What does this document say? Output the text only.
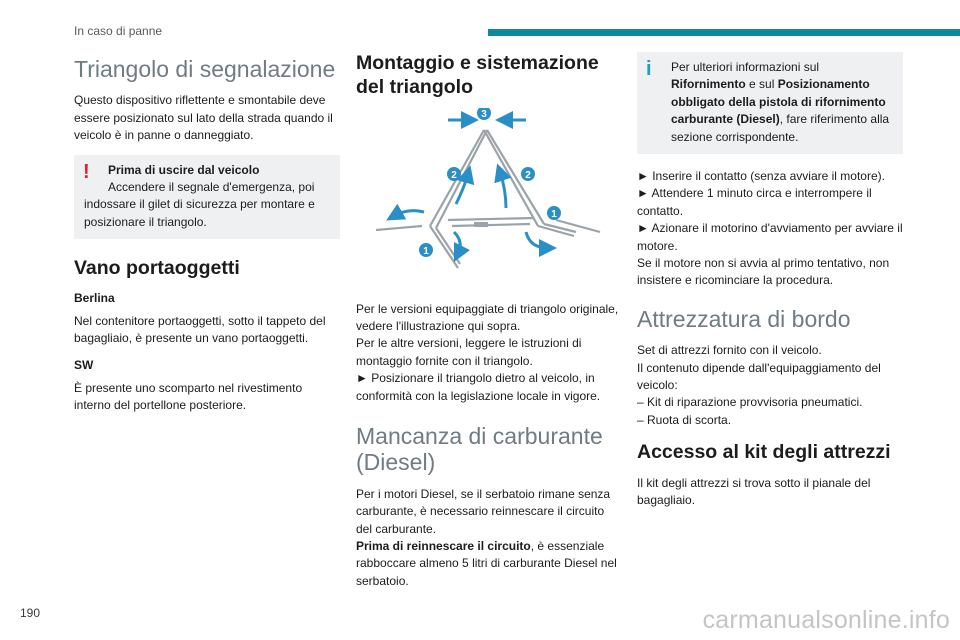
In caso di panne
Triangolo di segnalazione

Questo dispositivo riflettente e smontabile deve essere posizionato sul lato della strada quando il veicolo è in panne o danneggiato.

!	Prima di uscire dal veicolo
Accendere il segnale d'emergenza, poi
indossare il gilet di sicurezza per montare e posizionare il triangolo.
Vano portaoggetti
Berlina

Nel contenitore portaoggetti, sotto il tappeto del bagagliaio, è presente un vano portaoggetti.

SW

È presente uno scomparto nel rivestimento interno del portellone posteriore.

Montaggio e sistemazione del triangolo
3
2	2
1
1
Per le versioni equipaggiate di triangolo originale, vedere l'illustrazione qui sopra.
Per le altre versioni, leggere le istruzioni di montaggio fornite con il triangolo.
► Posizionare il triangolo dietro al veicolo, in conformità con la legislazione locale in vigore.
Mancanza di carburante (Diesel)

Per i motori Diesel, se il serbatoio rimane senza carburante, è necessario reinnescare il circuito del carburante.

Prima di reinnescare il circuito, è essenziale rabboccare almeno 5 litri di carburante Diesel nel serbatoio.

i	Per ulteriori informazioni sul
Rifornimento e sul Posizionamento obbligato della pistola di rifornimento carburante (Diesel), fare riferimento alla sezione corrispondente.
► Inserire il contatto (senza avviare il motore).
► Attendere 1 minuto circa e interrompere il contatto.
► Azionare il motorino d'avviamento per avviare il motore.
Se il motore non si avvia al primo tentativo, non insistere e ricominciare la procedura.
Attrezzatura di bordo
Set di attrezzi fornito con il veicolo.
Il contenuto dipende dall'equipaggiamento del veicolo:
– Kit di riparazione provvisoria pneumatici.
– Ruota di scorta.
Accesso al kit degli attrezzi

Il kit degli attrezzi si trova sotto il pianale del bagagliaio.

190	carmanualsonline.info
